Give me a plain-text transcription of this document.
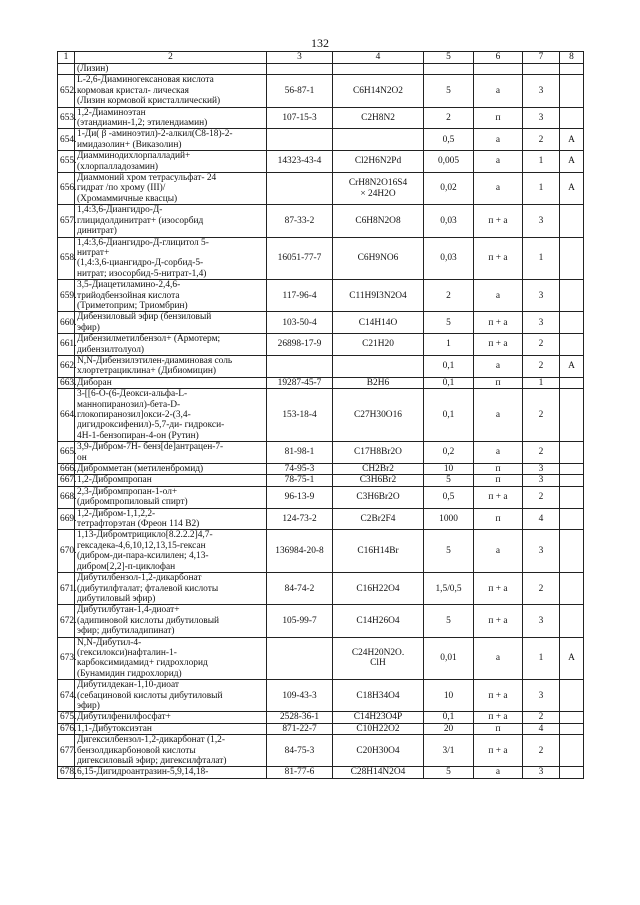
132
1	2	3	4	5	6	7	8

	(Лизин)						

652.	L-2,6-Диаминогексановая кислота
кормовая кристал- лическая
(Лизин кормовой кристаллический)	56-87-1	C6H14N2O2	5	а	3	
653.	1,2-Диаминоэтан
(этандиамин-1,2; этилендиамин)	107-15-3	C2H8N2	2	п	3	
654.	1-Ди( β -аминоэтил)-2-алкил(C8-18)-2-
имидазолин+ (Виказолин)			0,5	а	2	А
655.	Диамминодихлорпалладий+
(хлорпалладозамин)	14323-43-4	Cl2H6N2Pd	0,005	а	1	А
656.	Диаммоний хром тетрасульфат- 24
гидрат /по хрому (III)/
(Хромаммичные квасцы)		CrH8N2O16S4
× 24H2O	0,02	а	1	А
657.	1,4:3,6-Диангидро-Д-
глицидолдинитрат+ (изосорбид
динитрат)	87-33-2	C6H8N2O8	0,03	п + а	3	
658.	1,4:3,6-Диангидро-Д-глицитол 5-
нитрат+
(1,4:3,6-циангидро-Д-сорбид-5-
нитрат; изосорбид-5-нитрат-1,4)	16051-77-7	C6H9NO6	0,03	п + а	1	
659.	3,5-Диацетиламино-2,4,6-
трийодбензойная кислота
(Триметоприм; Триомбрин)	117-96-4	C11H9I3N2O4	2	а	3	
660.	Дибензиловый эфир (бензиловый
эфир)	103-50-4	C14H14O	5	п + а	3	
661.	Дибензилметилбензол+ (Армотерм;
дибензилтолуол)	26898-17-9	C21H20	1	п + а	2	
662.	N,N-Дибензилэтилен-диаминовая соль
хлортетрациклина+ (Дибиомицин)			0,1	а	2	А
663.	Диборан	19287-45-7	B2H6	0,1	п	1	
664.	3-[[6-О-(6-Деокси-альфа-L-
маннопиранозил)-бета-D-
глокопиранозил]окси-2-(3,4-
дигидроксифенил)-5,7-ди- гидрокси-
4Н-1-бензопиран-4-он (Рутин)	153-18-4	C27H30O16	0,1	а	2	
665.	3,9-Дибром-7Н- бенз[de]антрацен-7-
он	81-98-1	C17H8Br2O	0,2	а	2	
666.	Дибромметан (метиленбромид)	74-95-3	CH2Br2	10	п	3	
667.	1,2-Дибромпропан	78-75-1	C3H6Br2	5	п	3	
668.	2,3-Дибромпропан-1-ол+
(дибромпропиловый спирт)	96-13-9	C3H6Br2O	0,5	п + а	2	
669.	1,2-Дибром-1,1,2,2-
тетрафторэтан (Фреон 114 В2)	124-73-2	C2Br2F4	1000	п	4	
670.	1,13-Дибромтрицикло[8.2.2.2]4,7-
гексадека-4,6,10,12,13,15-гексан
(дибром-ди-пара-ксилилен; 4,13-
дибром[2,2]-п-циклофан	136984-20-8	C16H14Br	5	а	3	
671.	Дибутилбензол-1,2-дикарбонат
(дибутилфталат; фталевой кислоты
дибутиловый эфир)	84-74-2	C16H22O4	1,5/0,5	п + а	2	
672.	Дибутилбутан-1,4-диоат+
(адипиновой кислоты дибутиловый
эфир; дибутиладипинат)	105-99-7	C14H26O4	5	п + а	3	
673.	N,N-Дибутил-4-
(гексилокси)нафталин-1-
карбоксимидамид+ гидрохлорид
(Бунамидин гидрохлорид)		C24H20N2O.
ClH	0,01	а	1	А
674.	Дибутилдекан-1,10-диоат
(себациновой кислоты дибутиловый
эфир)	109-43-3	C18H34O4	10	п + а	3	
675.	Дибутилфенилфосфат+	2528-36-1	C14H23O4P	0,1	п + а	2	
676.	1,1-Дибутоксиэтан	871-22-7	C10H22O2	20	п	4	
677.	Дигексилбензол-1,2-дикарбонат (1,2-
бензолдикарбоновой кислоты
дигексиловый эфир; дигексилфталат)	84-75-3	C20H30O4	3/1	п + а	2	
678.	6,15-Дигидроантразин-5,9,14,18-	81-77-6	C28H14N2O4	5	а	3	
